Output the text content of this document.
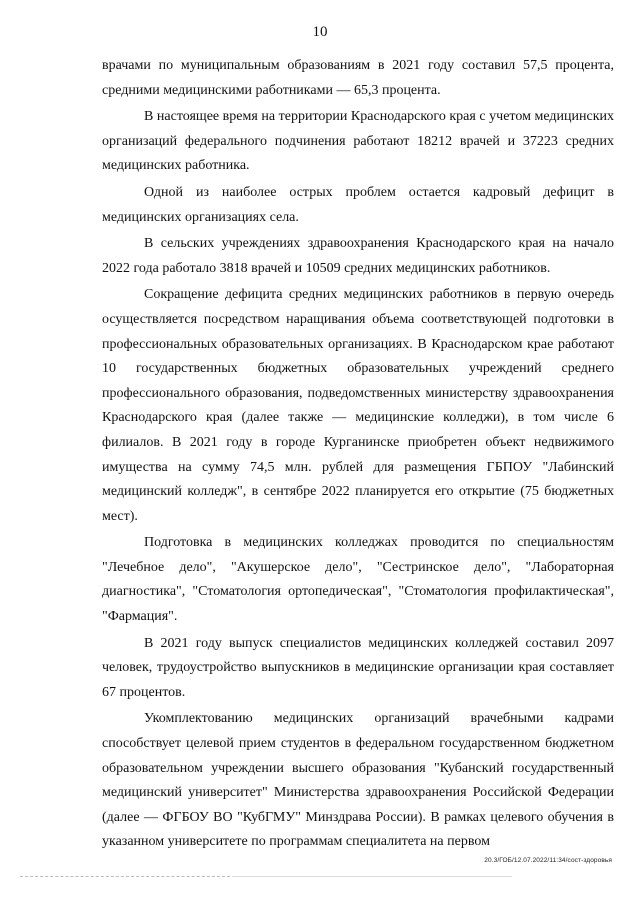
10

врачами по муниципальным образованиям в 2021 году составил 57,5 процента, средними медицинскими работниками — 65,3 процента.

В настоящее время на территории Краснодарского края с учетом медицинских организаций федерального подчинения работают 18212 врачей и 37223 средних медицинских работника.

Одной из наиболее острых проблем остается кадровый дефицит в медицинских организациях села.

В сельских учреждениях здравоохранения Краснодарского края на начало 2022 года работало 3818 врачей и 10509 средних медицинских работников.

Сокращение дефицита средних медицинских работников в первую очередь осуществляется посредством наращивания объема соответствующей подготовки в профессиональных образовательных организациях. В Краснодарском крае работают 10 государственных бюджетных образовательных учреждений среднего профессионального образования, подведомственных министерству здравоохранения Краснодарского края (далее также — медицинские колледжи), в том числе 6 филиалов. В 2021 году в городе Курганинске приобретен объект недвижимого имущества на сумму 74,5 млн. рублей для размещения ГБПОУ "Лабинский медицинский колледж", в сентябре 2022 планируется его открытие (75 бюджетных мест).

Подготовка в медицинских колледжах проводится по специальностям "Лечебное дело", "Акушерское дело", "Сестринское дело", "Лабораторная диагностика", "Стоматология ортопедическая", "Стоматология профилактическая", "Фармация".

В 2021 году выпуск специалистов медицинских колледжей составил 2097 человек, трудоустройство выпускников в медицинские организации края составляет 67 процентов.

Укомплектованию медицинских организаций врачебными кадрами способствует целевой прием студентов в федеральном государственном бюджетном образовательном учреждении высшего образования "Кубанский государственный медицинский университет" Министерства здравоохранения Российской Федерации (далее — ФГБОУ ВО "КубГМУ" Минздрава России). В рамках целевого обучения в указанном университете по программам специалитета на первом

20.3/ГОБ/12.07.2022/11:34/сост-здоровья
